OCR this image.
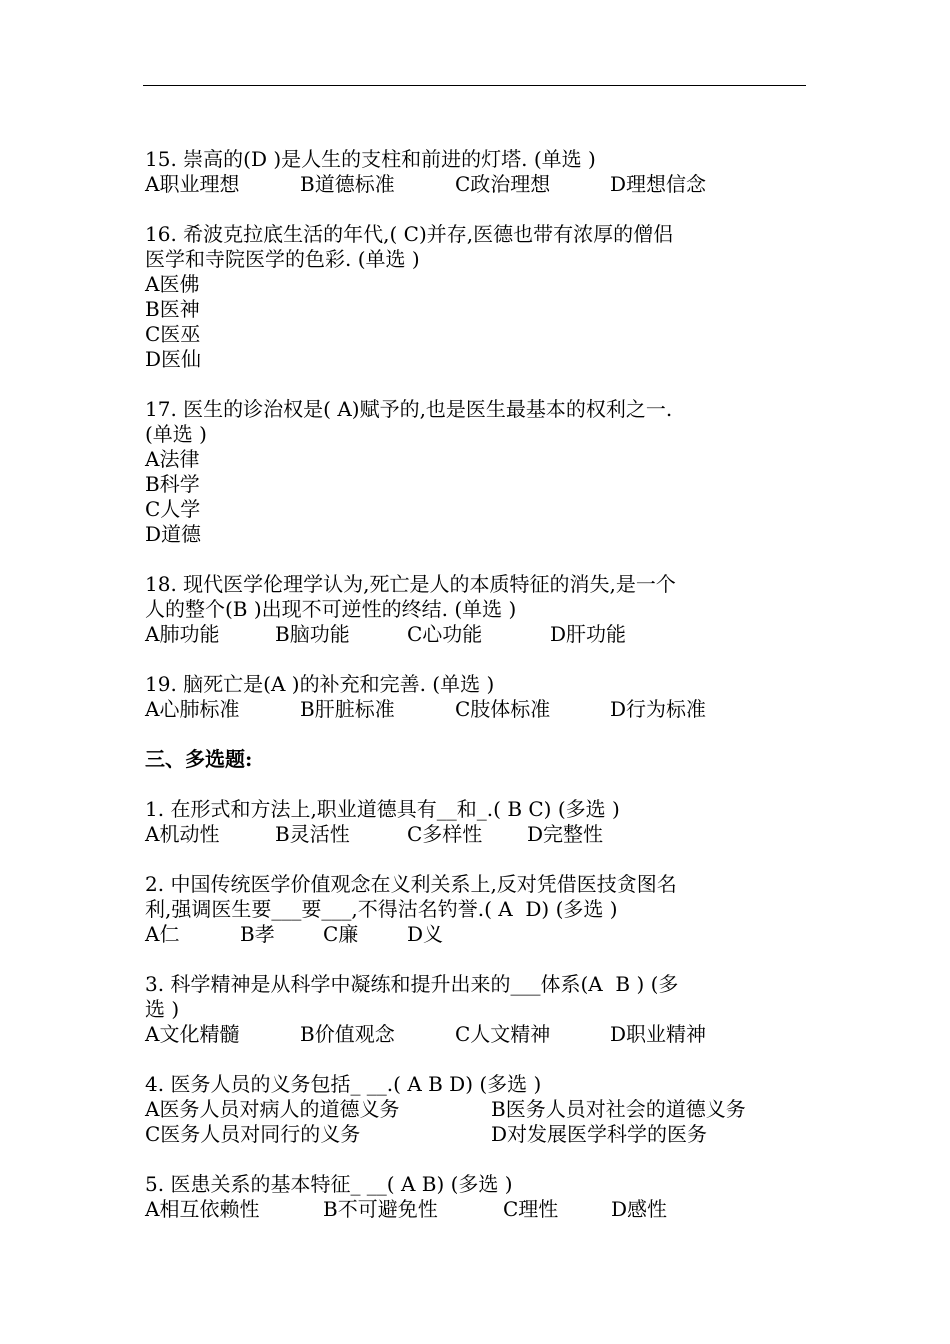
15. 崇高的(D )是人生的支柱和前进的灯塔. (单选 )
A职业理想	B道德标准	C政治理想	D理想信念
16. 希波克拉底生活的年代,( C)并存,医德也带有浓厚的僧侣
医学和寺院医学的色彩. (单选 )
A医佛
B医神
C医巫
D医仙
17. 医生的诊治权是( A)赋予的,也是医生最基本的权利之一.
(单选 )
A法律
B科学
C人学
D道德
18. 现代医学伦理学认为,死亡是人的本质特征的消失,是一个
人的整个(B )出现不可逆性的终结. (单选 )
A肺功能	B脑功能	C心功能	D肝功能
19. 脑死亡是(A )的补充和完善. (单选 )
A心肺标准	B肝脏标准	C肢体标准	D行为标准
三、多选题:
1. 在形式和方法上,职业道德具有__和_.( B C) (多选 )
A机动性	B灵活性	C多样性	D完整性
2. 中国传统医学价值观念在义利关系上,反对凭借医技贪图名
利,强调医生要___要___,不得沽名钓誉.( A  D) (多选 )
A仁	B孝	C廉	D义
3. 科学精神是从科学中凝练和提升出来的___体系(A  B ) (多
选 )
A文化精髓	B价值观念	C人文精神	D职业精神
4. 医务人员的义务包括_ __.( A B D) (多选 )
A医务人员对病人的道德义务	B医务人员对社会的道德义务
C医务人员对同行的义务	D对发展医学科学的医务
5. 医患关系的基本特征_ __( A B) (多选 )
A相互依赖性	B不可避免性	C理性	D感性
